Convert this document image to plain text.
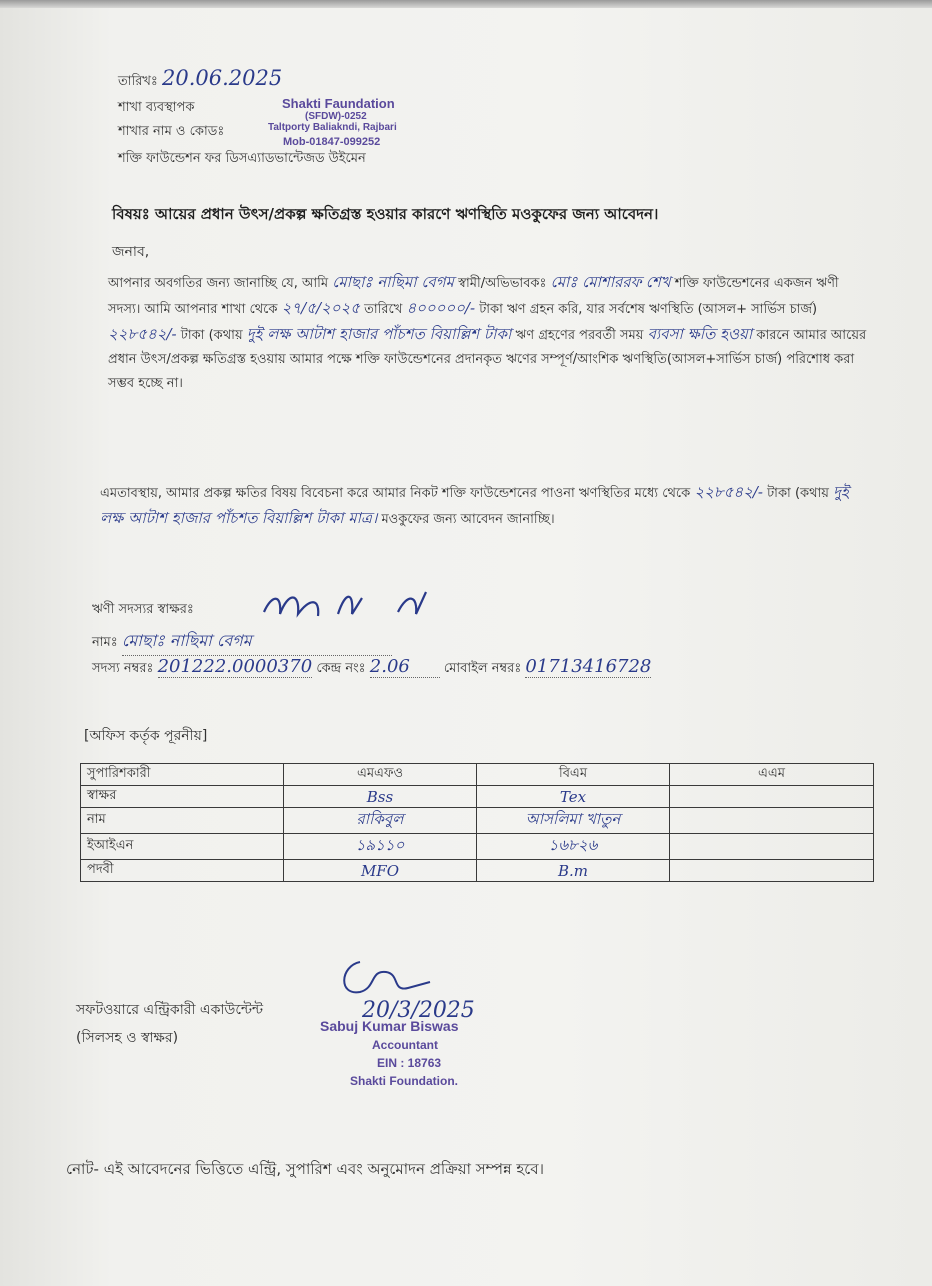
তারিখঃ 20.06.2025
শাখা ব্যবস্থাপক
শাখার নাম ও কোডঃ
শক্তি ফাউন্ডেশন ফর ডিসএ্যাডভান্টেজড উইমেন
Shakti Faundation
(SFDW)-0252
Taltporty Baliakndi, Rajbari
Mob-01847-099252
বিষয়ঃ আয়ের প্রধান উৎস/প্রকল্প ক্ষতিগ্রস্ত হওয়ার কারণে ঋণস্থিতি মওকুফের জন্য আবেদন।
জনাব,
আপনার অবগতির জন্য জানাচ্ছি যে, আমি মোছাঃ নাছিমা বেগম স্বামী/অভিভাবকঃ মোঃ মোশাররফ শেখ শক্তি ফাউন্ডেশনের একজন ঋণী সদস্য। আমি আপনার শাখা থেকে ২৭/৫/২০২৫ তারিখে ৪০০০০০/- টাকা ঋণ গ্রহন করি, যার সর্বশেষ ঋণস্থিতি (আসল+ সার্ভিস চার্জ) ২২৮৫৪২/- টাকা (কথায় দুই লক্ষ আটাশ হাজার পাঁচশত বিয়াল্লিশ টাকা ঋণ গ্রহণের পরবর্তী সময় ব্যবসা ক্ষতি হওয়া কারনে আমার আয়ের প্রধান উৎস/প্রকল্প ক্ষতিগ্রস্ত হওয়ায় আমার পক্ষে শক্তি ফাউন্ডেশনের প্রদানকৃত ঋণের সম্পূর্ণ/আংশিক ঋণস্থিতি(আসল+সার্ভিস চার্জ) পরিশোধ করা সম্ভব হচ্ছে না।
এমতাবস্থায়, আমার প্রকল্প ক্ষতির বিষয় বিবেচনা করে আমার নিকট শক্তি ফাউন্ডেশনের পাওনা ঋণস্থিতির মধ্যে থেকে ২২৮৫৪২/- টাকা (কথায় দুই লক্ষ আটাশ হাজার পাঁচশত বিয়াল্লিশ টাকা মাত্র। মওকুফের জন্য আবেদন জানাচ্ছি।
ঋণী সদস্যর স্বাক্ষরঃ
নামঃ মোছাঃ নাছিমা বেগম
সদস্য নম্বরঃ 201222.0000370 কেন্দ্র নংঃ 2.06	মোবাইল নম্বরঃ 01713416728
[অফিস কর্তৃক পূরনীয়]
সুপারিশকারী	এমএফও	বিএম	এএম
স্বাক্ষর	Bss	Tex	
নাম	রাকিবুল	আসলিমা খাতুন	
ইআইএন	১৯১১০	১৬৮২৬	
পদবী	MFO	B.m	
সফটওয়ারে এন্ট্রিকারী একাউন্টেন্ট
(সিলসহ ও স্বাক্ষর)
20/3/2025
Sabuj Kumar Biswas
Accountant
EIN : 18763
Shakti Foundation.
নোট- এই আবেদনের ভিত্তিতে এন্ট্রি, সুপারিশ এবং অনুমোদন প্রক্রিয়া সম্পন্ন হবে।
